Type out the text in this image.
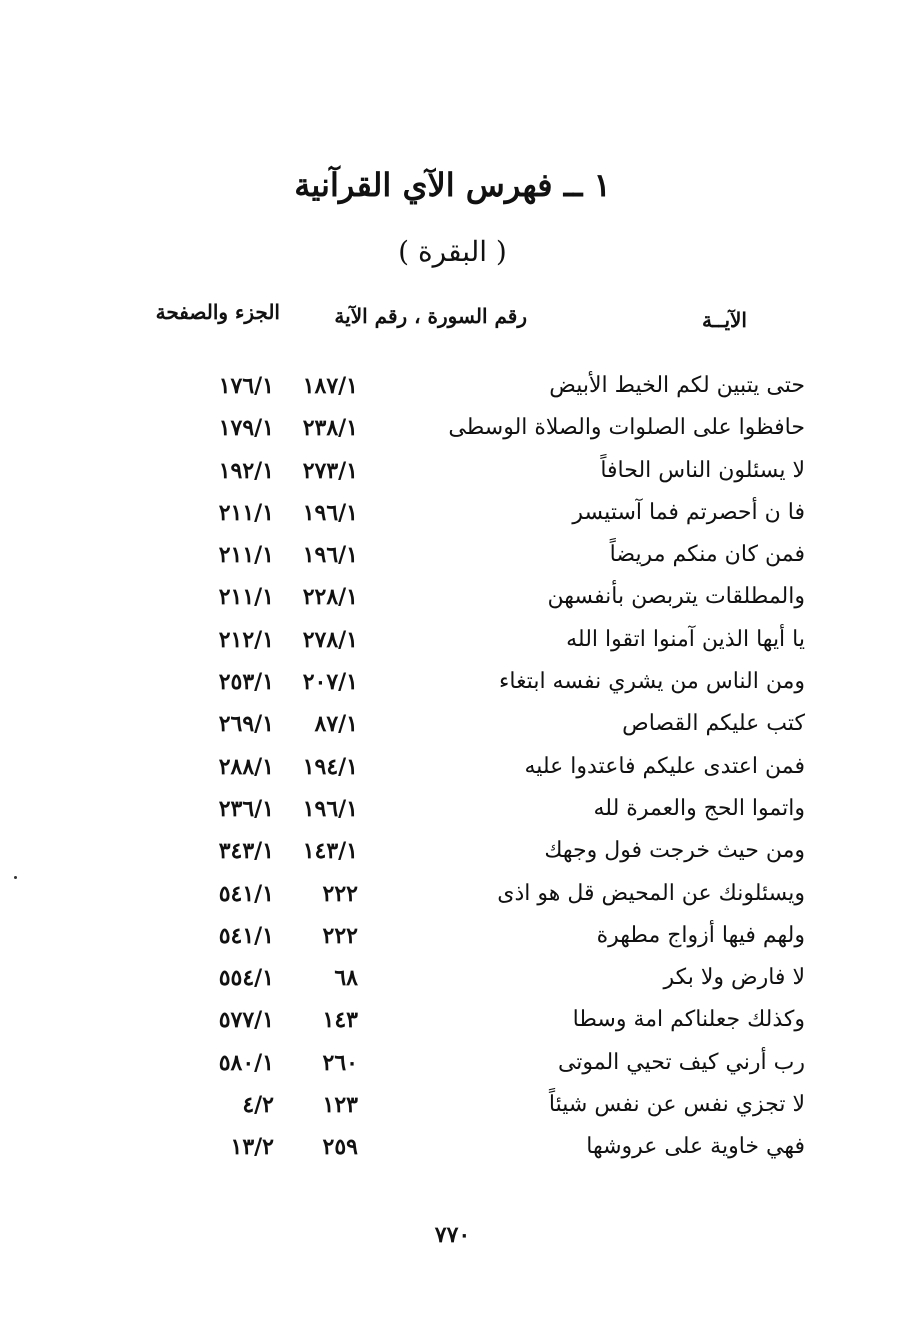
١ ــ فهرس الآي القرآنية
( البقرة )
الآيــة
رقم السورة ، رقم الآية
الجزء والصفحة
حتى يتبين لكم الخيط الأبيض
١٧٦/١ ١٨٧/١
حافظوا على الصلوات والصلاة الوسطى
١٧٩/١ ٢٣٨/١
لا يسئلون الناس الحافاً
١٩٢/١ ٢٧٣/١
فا ن أحصرتم فما آستيسر
٢١١/١ ١٩٦/١
فمن كان منكم مريضاً
٢١١/١ ١٩٦/١
والمطلقات يتربصن بأنفسهن
٢١١/١ ٢٢٨/١
يا أيها الذين آمنوا اتقوا الله
٢١٢/١ ٢٧٨/١
ومن الناس من يشري نفسه ابتغاء
٢٥٣/١ ٢٠٧/١
كتب عليكم القصاص
٢٦٩/١ ٨٧/١
فمن اعتدى عليكم فاعتدوا عليه
٢٨٨/١ ١٩٤/١
واتموا الحج والعمرة لله
٢٣٦/١ ١٩٦/١
ومن حيث خرجت فول وجهك
٣٤٣/١ ١٤٣/١
ويسئلونك عن المحيض قل هو اذى
٥٤١/١ ٢٢٢
ولهم فيها أزواج مطهرة
٥٤١/١ ٢٢٢
لا فارض ولا بكر
٥٥٤/١	٦٨
وكذلك جعلناكم امة وسطا
٥٧٧/١ ١٤٣
رب أرني كيف تحيي الموتى
٥٨٠/١ ٢٦٠
لا تجزي نفس عن نفس شيئاً
٤/٢ ١٢٣
فهي خاوية على عروشها
١٣/٢ ٢٥٩
٧٧٠
